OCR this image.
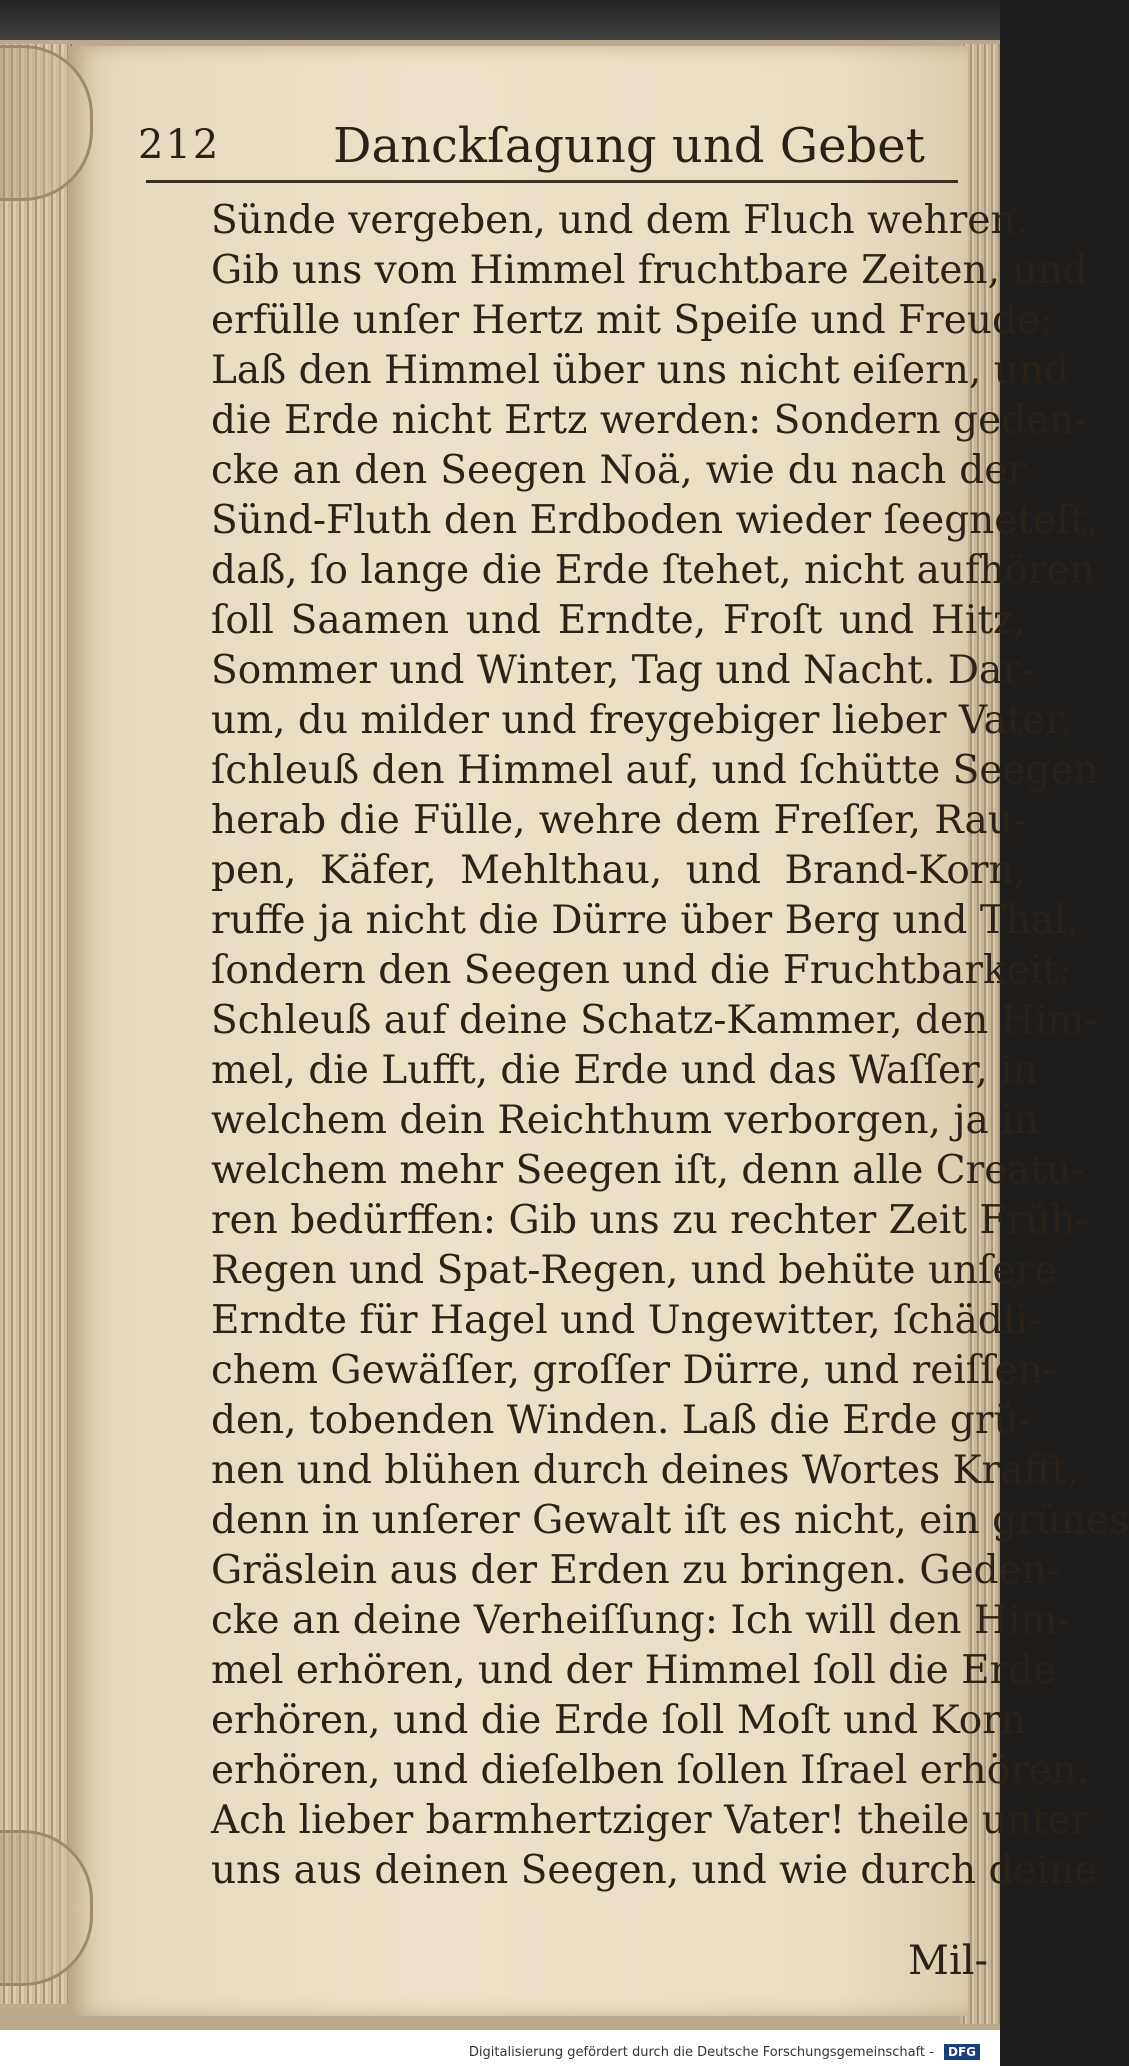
212 Danckſagung und Gebet
Sünde vergeben, und dem Fluch wehren.
Gib uns vom Himmel fruchtbare Zeiten, und
erfülle unſer Hertz mit Speiſe und Freude:
Laß den Himmel über uns nicht eiſern, und
die Erde nicht Ertz werden: Sondern geden-
cke an den Seegen Noä, wie du nach der
Sünd-Fluth den Erdboden wieder ſeegneteſt,
daß, ſo lange die Erde ſtehet, nicht aufhören
ſoll Saamen und Erndte, Froſt und Hitz,
Sommer und Winter, Tag und Nacht. Dar-
um, du milder und freygebiger lieber Vater,
ſchleuß den Himmel auf, und ſchütte Seegen
herab die Fülle, wehre dem Freſſer, Rau-
pen, Käfer, Mehlthau, und Brand-Korn,
ruffe ja nicht die Dürre über Berg und Thal,
ſondern den Seegen und die Fruchtbarkeit:
Schleuß auf deine Schatz-Kammer, den Him-
mel, die Lufft, die Erde und das Waſſer, in
welchem dein Reichthum verborgen, ja in
welchem mehr Seegen iſt, denn alle Creatu-
ren bedürffen: Gib uns zu rechter Zeit Früh-
Regen und Spat-Regen, und behüte unſere
Erndte für Hagel und Ungewitter, ſchädli-
chem Gewäſſer, groſſer Dürre, und reiſſen-
den, tobenden Winden. Laß die Erde grü-
nen und blühen durch deines Wortes Krafft,
denn in unſerer Gewalt iſt es nicht, ein grünes
Gräslein aus der Erden zu bringen. Geden-
cke an deine Verheiſſung: Ich will den Him-
mel erhören, und der Himmel ſoll die Erde
erhören, und die Erde ſoll Moſt und Korn
erhören, und dieſelben ſollen Iſrael erhören.
Ach lieber barmhertziger Vater! theile unter
uns aus deinen Seegen, und wie durch deine
Mil-
Digitalisierung gefördert durch die Deutsche Forschungsgemeinschaft - DFG
